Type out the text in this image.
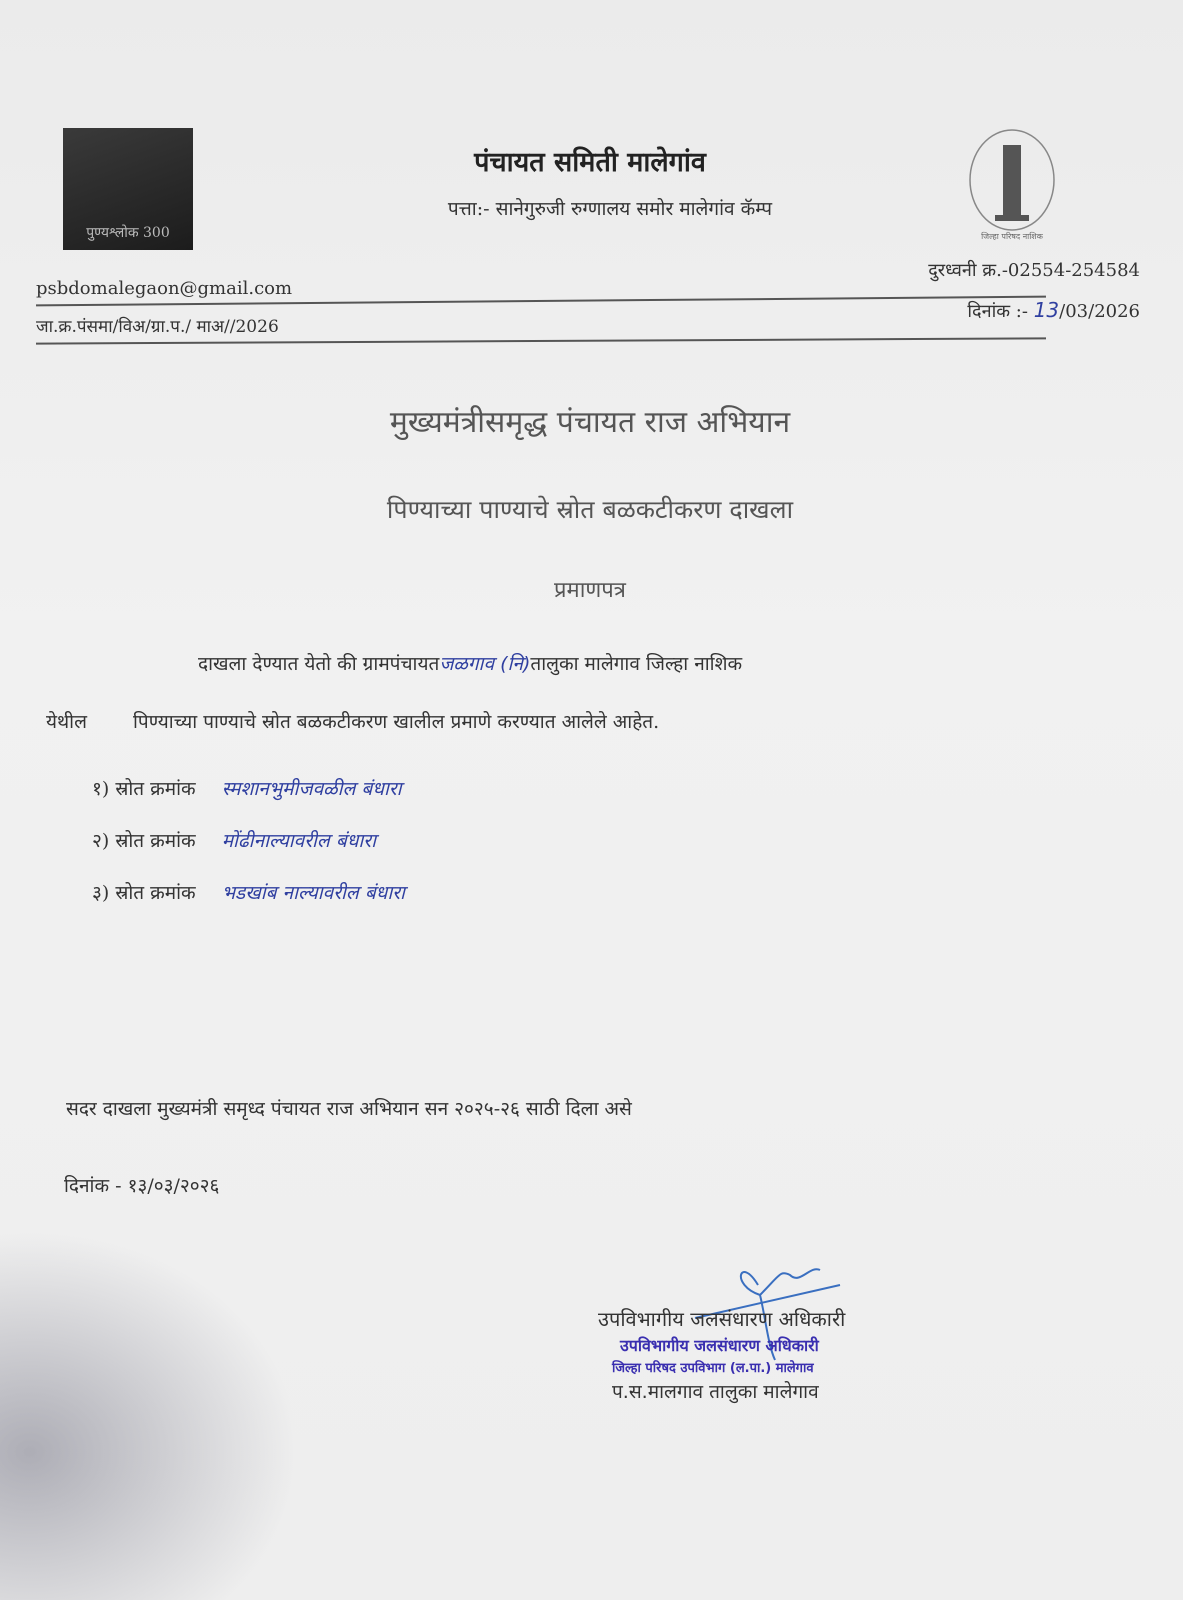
पुण्यश्लोक 300	जिल्हा परिषद नाशिक
पंचायत समिती मालेगांव
पत्ता:- सानेगुरुजी रुग्णालय समोर मालेगांव कॅम्प
दुरध्वनी क्र.-02554-254584
psbdomalegaon@gmail.com
दिनांक :- 13/03/2026
जा.क्र.पंसमा/विअ/ग्रा.प./ माअ//2026
मुख्यमंत्रीसमृद्ध पंचायत राज अभियान
पिण्याच्या पाण्याचे स्रोत बळकटीकरण दाखला
प्रमाणपत्र
दाखला देण्यात येतो की ग्रामपंचायतजळगाव (नि)तालुका मालेगाव जिल्हा नाशिक
येथील पिण्याच्या पाण्याचे स्रोत बळकटीकरण खालील प्रमाणे करण्यात आलेले आहेत.
१) स्रोत क्रमांक स्मशानभुमीजवळील बंधारा
२) स्रोत क्रमांक मोंढीनाल्यावरील बंधारा
३) स्रोत क्रमांक भडखांब नाल्यावरील बंधारा
सदर दाखला मुख्यमंत्री समृध्द पंचायत राज अभियान सन २०२५-२६ साठी दिला असे
दिनांक - १३/०३/२०२६
उपविभागीय जलसंधारण अधिकारी
उपविभागीय जलसंधारण अधिकारी
जिल्हा परिषद उपविभाग (ल.पा.) मालेगाव
प.स.मालगाव तालुका मालेगाव
